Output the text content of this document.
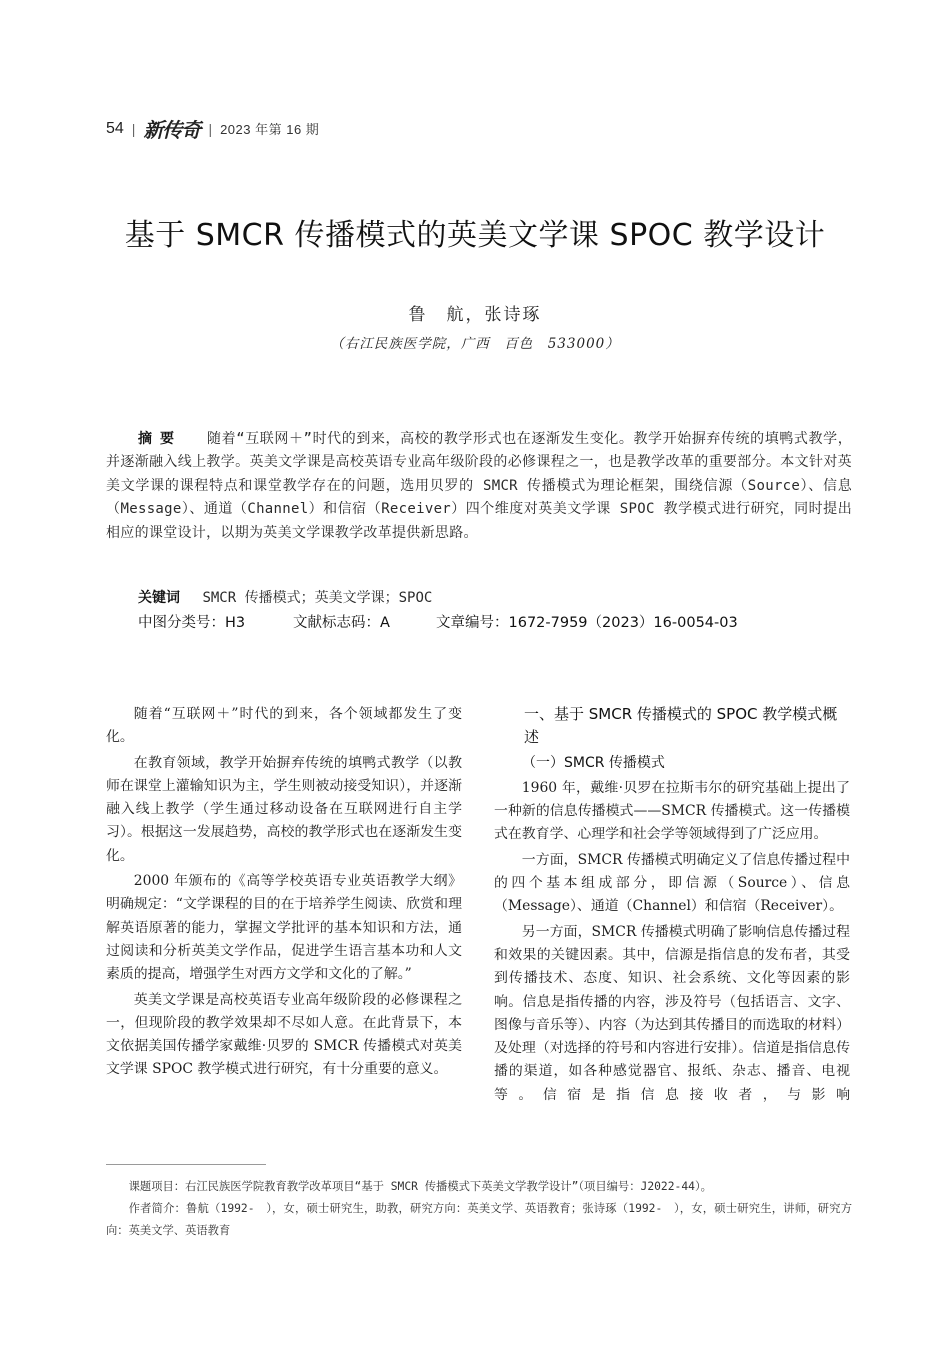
54 | 新传奇 | 2023 年第 16 期
基于 SMCR 传播模式的英美文学课 SPOC 教学设计
鲁　航，张诗琢
（右江民族医学院，广西　百色　533000）
摘要 随着“互联网＋”时代的到来，高校的教学形式也在逐渐发生变化。教学开始摒弃传统的填鸭式教学，并逐渐融入线上教学。英美文学课是高校英语专业高年级阶段的必修课程之一，也是教学改革的重要部分。本文针对英美文学课的课程特点和课堂教学存在的问题，选用贝罗的 SMCR 传播模式为理论框架，围绕信源（Source）、信息（Message）、通道（Channel）和信宿（Receiver）四个维度对英美文学课 SPOC 教学模式进行研究，同时提出相应的课堂设计，以期为英美文学课教学改革提供新思路。
关键词 SMCR 传播模式；英美文学课；SPOC
中图分类号：H3	文献标志码：A	文章编号：1672-7959（2023）16-0054-03

随着“互联网＋”时代的到来，各个领域都发生了变化。

在教育领域，教学开始摒弃传统的填鸭式教学（以教师在课堂上灌输知识为主，学生则被动接受知识），并逐渐融入线上教学（学生通过移动设备在互联网进行自主学习）。根据这一发展趋势，高校的教学形式也在逐渐发生变化。

2000 年颁布的《高等学校英语专业英语教学大纲》明确规定：“文学课程的目的在于培养学生阅读、欣赏和理解英语原著的能力，掌握文学批评的基本知识和方法，通过阅读和分析英美文学作品，促进学生语言基本功和人文素质的提高，增强学生对西方文学和文化的了解。”

英美文学课是高校英语专业高年级阶段的必修课程之一，但现阶段的教学效果却不尽如人意。在此背景下，本文依据美国传播学家戴维·贝罗的 SMCR 传播模式对英美文学课 SPOC 教学模式进行研究，有十分重要的意义。

一、基于 SMCR 传播模式的 SPOC 教学模式概述
（一）SMCR 传播模式

1960 年，戴维·贝罗在拉斯韦尔的研究基础上提出了一种新的信息传播模式——SMCR 传播模式。这一传播模式在教育学、心理学和社会学等领域得到了广泛应用。

一方面，SMCR 传播模式明确定义了信息传播过程中的四个基本组成部分，即信源（Source）、信息（Message）、通道（Channel）和信宿（Receiver）。

另一方面，SMCR 传播模式明确了影响信息传播过程和效果的关键因素。其中，信源是指信息的发布者，其受到传播技术、态度、知识、社会系统、文化等因素的影响。信息是指传播的内容，涉及符号（包括语言、文字、图像与音乐等）、内容（为达到其传播目的而选取的材料）及处理（对选择的符号和内容进行安排）。信道是指信息传播的渠道，如各种感觉器官、报纸、杂志、播音、电视等。信宿是指信息接收者，与影响

课题项目：右江民族医学院教育教学改革项目“基于 SMCR 传播模式下英美文学教学设计”（项目编号：J2022-44）。

作者简介：鲁航（1992-　），女，硕士研究生，助教，研究方向：英美文学、英语教育；张诗琢（1992-　），女，硕士研究生，讲师，研究方向：英美文学、英语教育
